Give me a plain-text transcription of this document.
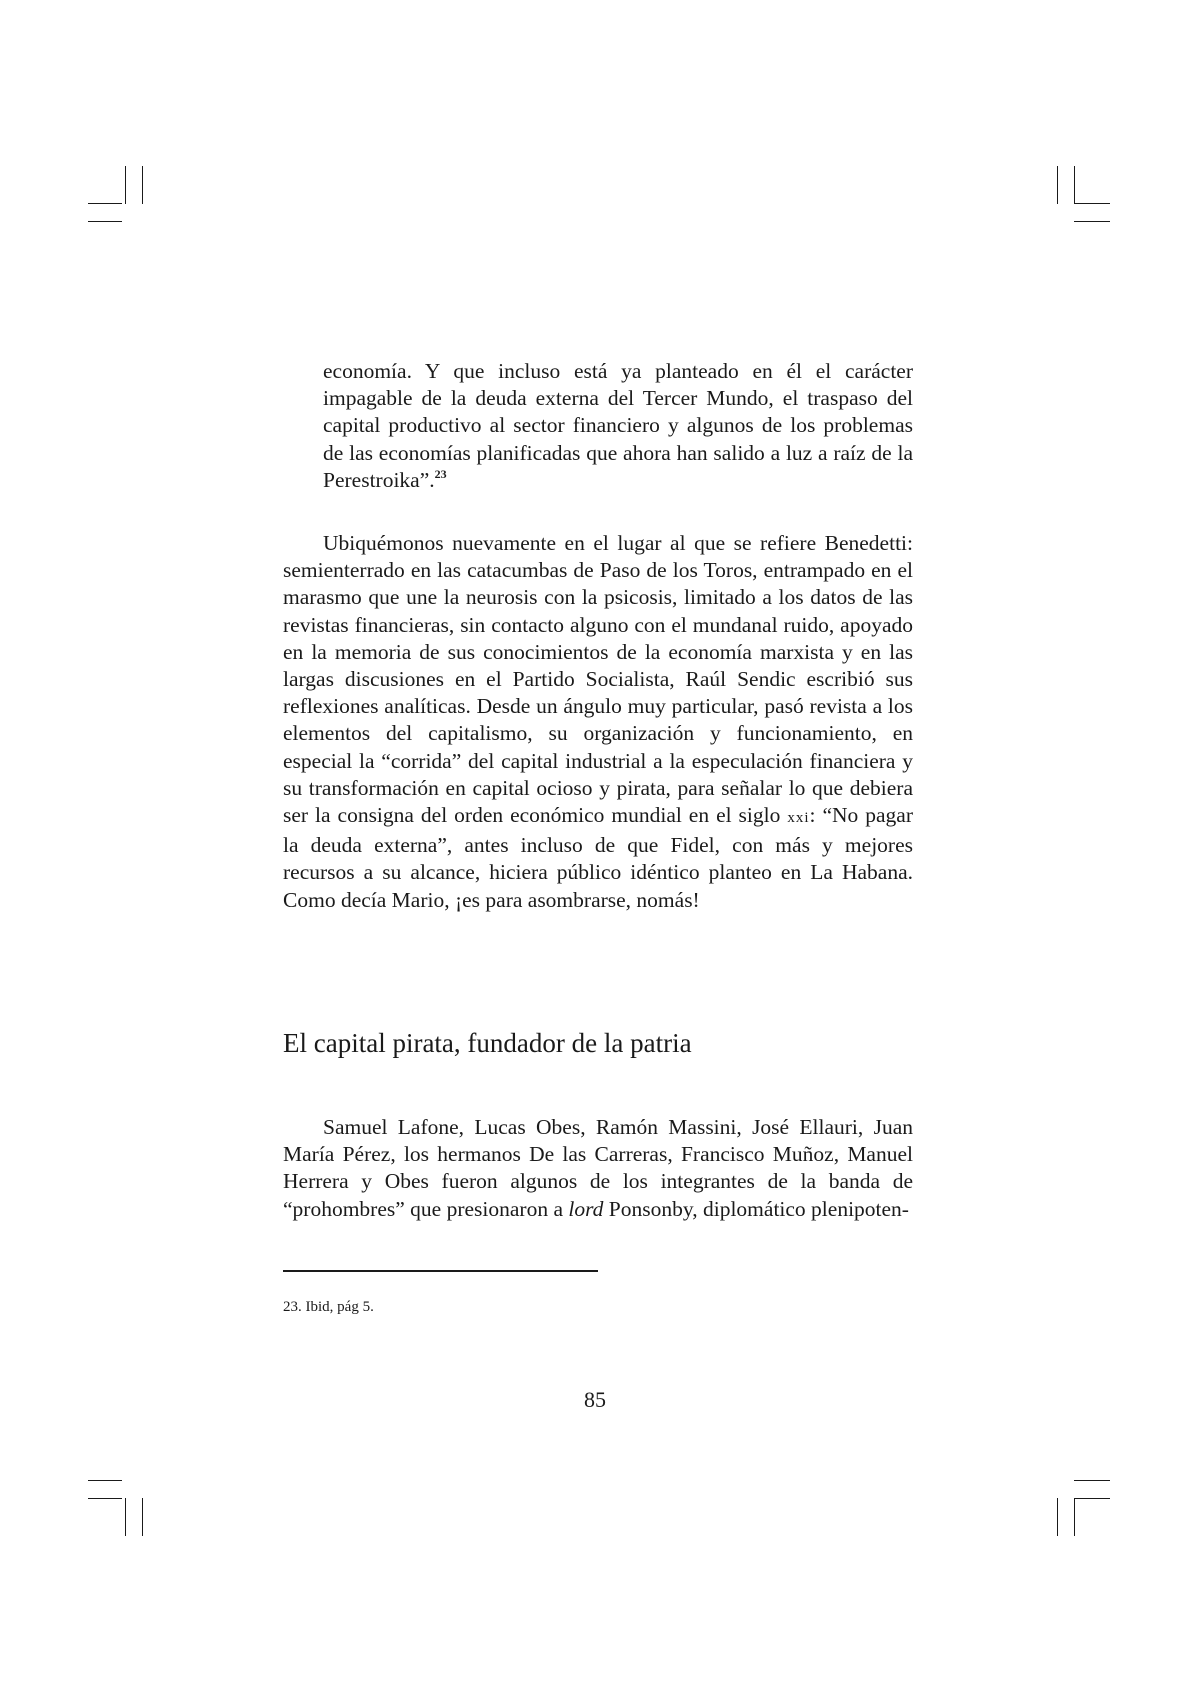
economía. Y que incluso está ya planteado en él el carácter impagable de la deuda externa del Tercer Mundo, el traspaso del capital productivo al sector financiero y algunos de los problemas de las economías planificadas que ahora han salido a luz a raíz de la Perestroika”.$^{23}$

Ubiquémonos nuevamente en el lugar al que se refiere Benedetti: semienterrado en las catacumbas de Paso de los Toros, entrampado en el marasmo que une la neurosis con la psicosis, limitado a los datos de las revistas financieras, sin contacto alguno con el mundanal ruido, apoyado en la memoria de sus conocimientos de la economía marxista y en las largas discusiones en el Partido Socialista, Raúl Sendic escribió sus reflexiones analíticas. Desde un ángulo muy particular, pasó revista a los elementos del capitalismo, su organización y funcionamiento, en especial la “corrida” del capital industrial a la especulación financiera y su transformación en capital ocioso y pirata, para señalar lo que debiera ser la consigna del orden económico mundial en el siglo xxi: “No pagar la deuda externa”, antes incluso de que Fidel, con más y mejores recursos a su alcance, hiciera público idéntico planteo en La Habana. Como decía Mario, ¡es para asombrarse, nomás!

El capital pirata, fundador de la patria

Samuel Lafone, Lucas Obes, Ramón Massini, José Ellauri, Juan María Pérez, los hermanos De las Carreras, Francisco Muñoz, Manuel Herrera y Obes fueron algunos de los integrantes de la banda de “prohombres” que presionaron a lord Ponsonby, diplomático plenipoten-

23. Ibid, pág 5.
85
